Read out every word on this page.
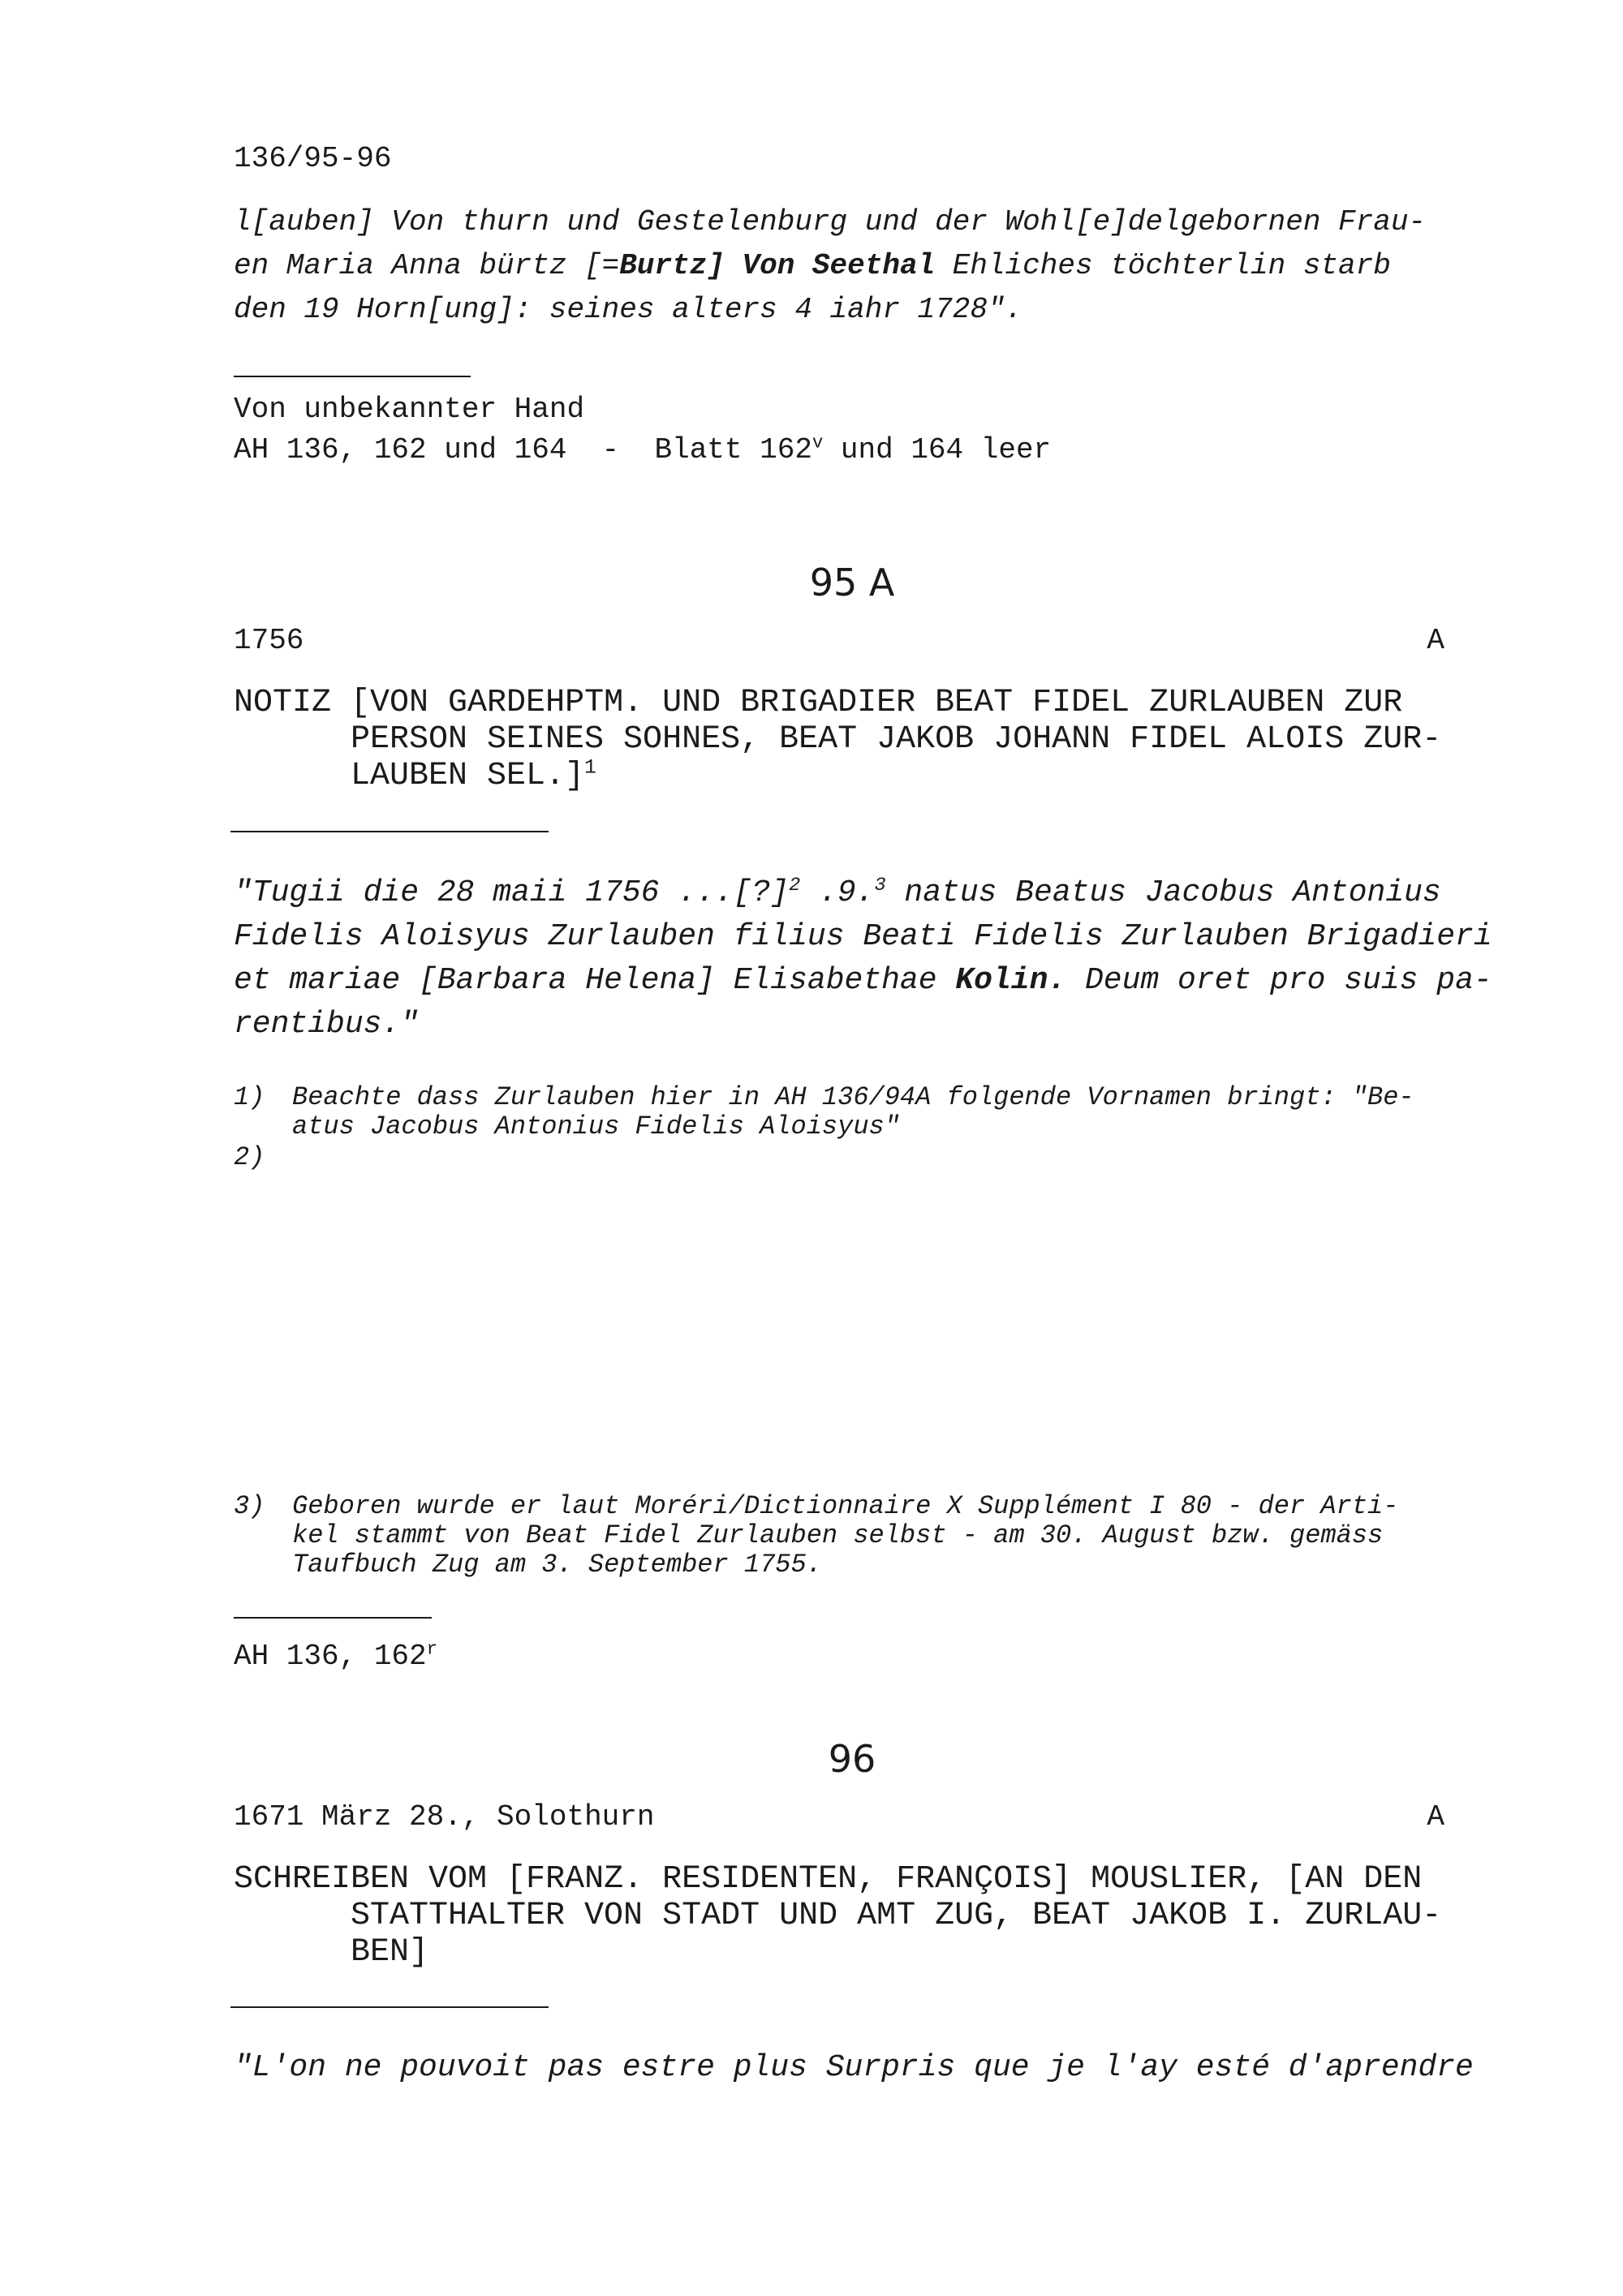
136/95-96
l[auben] Von thurn und Gestelenburg und der Wohl[e]delgebornen Frau-
en Maria Anna bürtz [=Burtz] Von Seethal Ehliches töchterlin starb
den 19 Horn[ung]: seines alters 4 iahr 1728".
Von unbekannter Hand
AH 136, 162 und 164  -  Blatt 162$^v$ und 164 leer
95 A
1756	A
NOTIZ [VON GARDEHPTM. UND BRIGADIER BEAT FIDEL ZURLAUBEN ZUR
PERSON SEINES SOHNES, BEAT JAKOB JOHANN FIDEL ALOIS ZUR-
LAUBEN SEL.]$^1$
"Tugii die 28 maii 1756 ...[?]$^2$ .9.$^3$ natus Beatus Jacobus Antonius
Fidelis Aloisyus Zurlauben filius Beati Fidelis Zurlauben Brigadieri
et mariae [Barbara Helena] Elisabethae Kolin. Deum oret pro suis pa-
rentibus."
1) Beachte dass Zurlauben hier in AH 136/94A folgende Vornamen bringt: "Be-
atus Jacobus Antonius Fidelis Aloisyus"
2)
3) Geboren wurde er laut Moréri/Dictionnaire X Supplément I 80 - der Arti-
kel stammt von Beat Fidel Zurlauben selbst - am 30. August bzw. gemäss
Taufbuch Zug am 3. September 1755.
AH 136, 162$^r$
96
1671 März 28., Solothurn	A
SCHREIBEN VOM [FRANZ. RESIDENTEN, FRANÇOIS] MOUSLIER, [AN DEN
STATTHALTER VON STADT UND AMT ZUG, BEAT JAKOB I. ZURLAU-
BEN]
"L'on ne pouvoit pas estre plus Surpris que je l'ay esté d'aprendre
